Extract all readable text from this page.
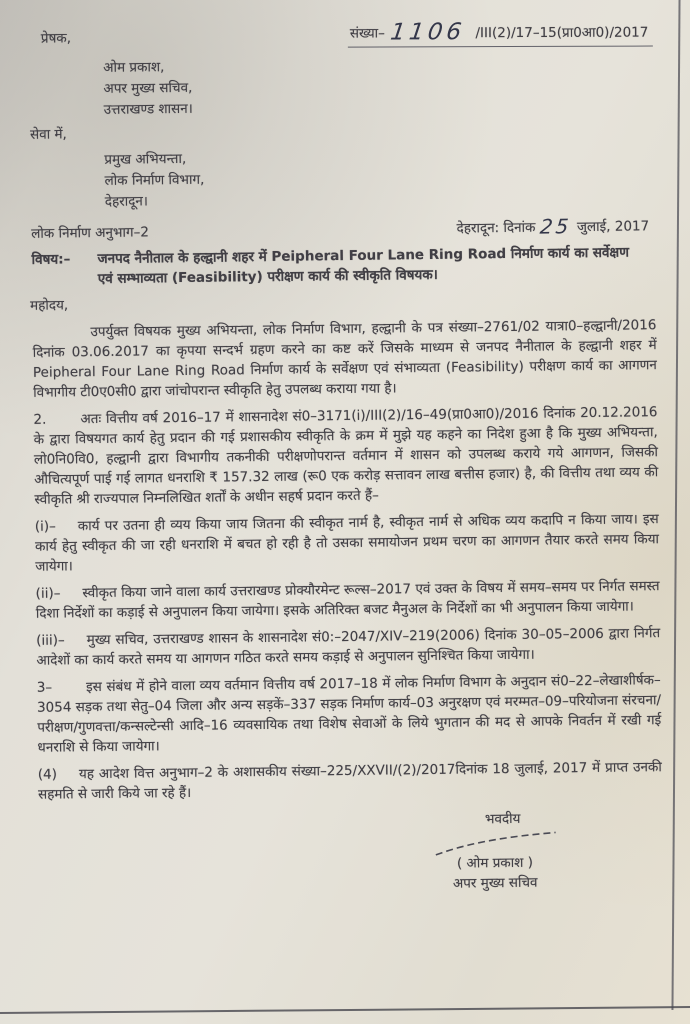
प्रेषक,	संख्या– 1106 /III(2)/17–15(प्रा0आ0)/2017
ओम प्रकाश,
अपर मुख्य सचिव,
उत्तराखण्ड शासन।
सेवा में,
प्रमुख अभियन्ता,
लोक निर्माण विभाग,
देहरादून।
लोक निर्माण अनुभाग–2	देहरादून: दिनांक 25 जुलाई, 2017
विषय:–	जनपद नैनीताल के हल्द्वानी शहर में Peipheral Four Lane Ring Road निर्माण कार्य का सर्वेक्षण एवं सम्भाव्यता (Feasibility) परीक्षण कार्य की स्वीकृति विषयक।
महोदय,

उपर्युक्त विषयक मुख्य अभियन्ता, लोक निर्माण विभाग, हल्द्वानी के पत्र संख्या–2761/02 यात्रा0–हल्द्वानी/2016 दिनांक 03.06.2017 का कृपया सन्दर्भ ग्रहण करने का कष्ट करें जिसके माध्यम से जनपद नैनीताल के हल्द्वानी शहर में Peipheral Four Lane Ring Road निर्माण कार्य के सर्वेक्षण एवं संभाव्यता (Feasibility) परीक्षण कार्य का आगणन विभागीय टी0ए0सी0 द्वारा जांचोपरान्त स्वीकृति हेतु उपलब्ध कराया गया है।

2.	अतः वित्तीय वर्ष 2016–17 में शासनादेश सं0–3171(i)/III(2)/16–49(प्रा0आ0)/2016 दिनांक 20.12.2016 के द्वारा विषयगत कार्य हेतु प्रदान की गई प्रशासकीय स्वीकृति के क्रम में मुझे यह कहने का निदेश हुआ है कि मुख्य अभियन्ता, लो0नि0वि0, हल्द्वानी द्वारा विभागीय तकनीकी परीक्षणोपरान्त वर्तमान में शासन को उपलब्ध कराये गये आगणन, जिसकी औचित्यपूर्ण पाई गई लागत धनराशि ₹ 157.32 लाख (रू0 एक करोड़ सत्तावन लाख बत्तीस हजार) है, की वित्तीय तथा व्यय की स्वीकृति श्री राज्यपाल निम्नलिखित शर्तों के अधीन सहर्ष प्रदान करते हैं–

(i)– कार्य पर उतना ही व्यय किया जाय जितना की स्वीकृत नार्म है, स्वीकृत नार्म से अधिक व्यय कदापि न किया जाय। इस कार्य हेतु स्वीकृत की जा रही धनराशि में बचत हो रही है तो उसका समायोजन प्रथम चरण का आगणन तैयार करते समय किया जायेगा।

(ii)– स्वीकृत किया जाने वाला कार्य उत्तराखण्ड प्रोक्यौरमेन्ट रूल्स–2017 एवं उक्त के विषय में समय–समय पर निर्गत समस्त दिशा निर्देशों का कड़ाई से अनुपालन किया जायेगा। इसके अतिरिक्त बजट मैनुअल के निर्देशों का भी अनुपालन किया जायेगा।

(iii)– मुख्य सचिव, उत्तराखण्ड शासन के शासनादेश सं0:–2047/XIV–219(2006) दिनांक 30–05–2006 द्वारा निर्गत आदेशों का कार्य करते समय या आगणन गठित करते समय कड़ाई से अनुपालन सुनिश्चित किया जायेगा।

3–	इस संबंध में होने वाला व्यय वर्तमान वित्तीय वर्ष 2017–18 में लोक निर्माण विभाग के अनुदान सं0–22–लेखाशीर्षक–3054 सड़क तथा सेतु–04 जिला और अन्य सड़कें–337 सड़क निर्माण कार्य–03 अनुरक्षण एवं मरम्मत–09–परियोजना संरचना/परीक्षण/गुणवत्ता/कन्सल्टेन्सी आदि–16 व्यवसायिक तथा विशेष सेवाओं के लिये भुगतान की मद से आपके निवर्तन में रखी गई धनराशि से किया जायेगा।

(4) यह आदेश वित्त अनुभाग–2 के अशासकीय संख्या–225/XXVII/(2)/2017दिनांक 18 जुलाई, 2017 में प्राप्त उनकी सहमति से जारी किये जा रहे हैं।

भवदीय
( ओम प्रकाश )
अपर मुख्य सचिव
